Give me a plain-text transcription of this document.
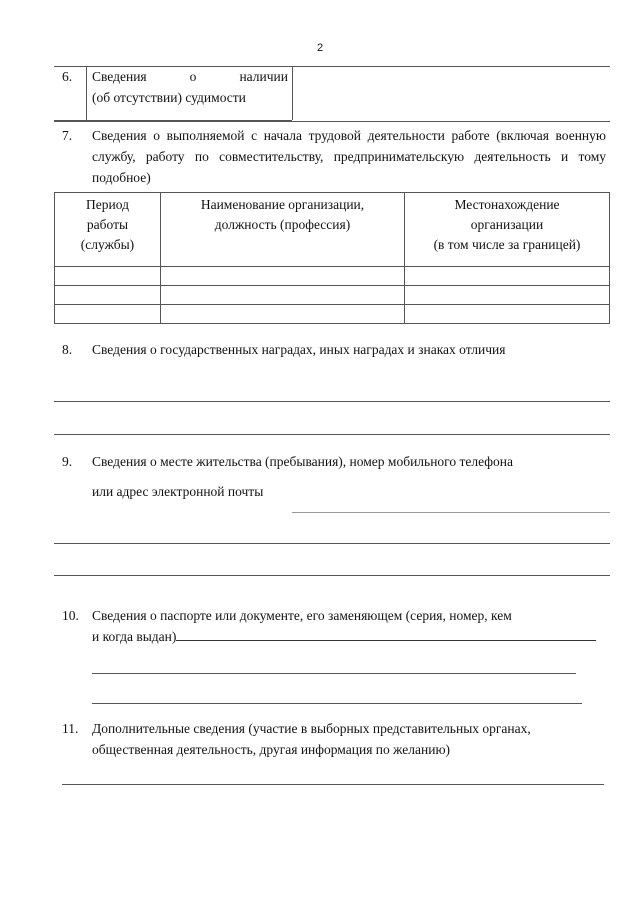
2
6. Сведения	о	наличии
(об отсутствии) судимости
7. Сведения о выполняемой с начала трудовой деятельности работе (включая военную службу, работу по совместительству, предпринимательскую деятельность и тому подобное)
Период
работы
(службы)
Наименование организации,
должность (профессия)
Местонахождение
организации
(в том числе за границей)
8. Сведения о государственных наградах, иных наградах и знаках отличия
9. Сведения о месте жительства (пребывания), номер мобильного телефона
или адрес электронной почты
10. Сведения о паспорте или документе, его заменяющем (серия, номер, кем
и когда выдан)
11. Дополнительные сведения (участие в выборных представительных органах,
общественная деятельность, другая информация по желанию)
